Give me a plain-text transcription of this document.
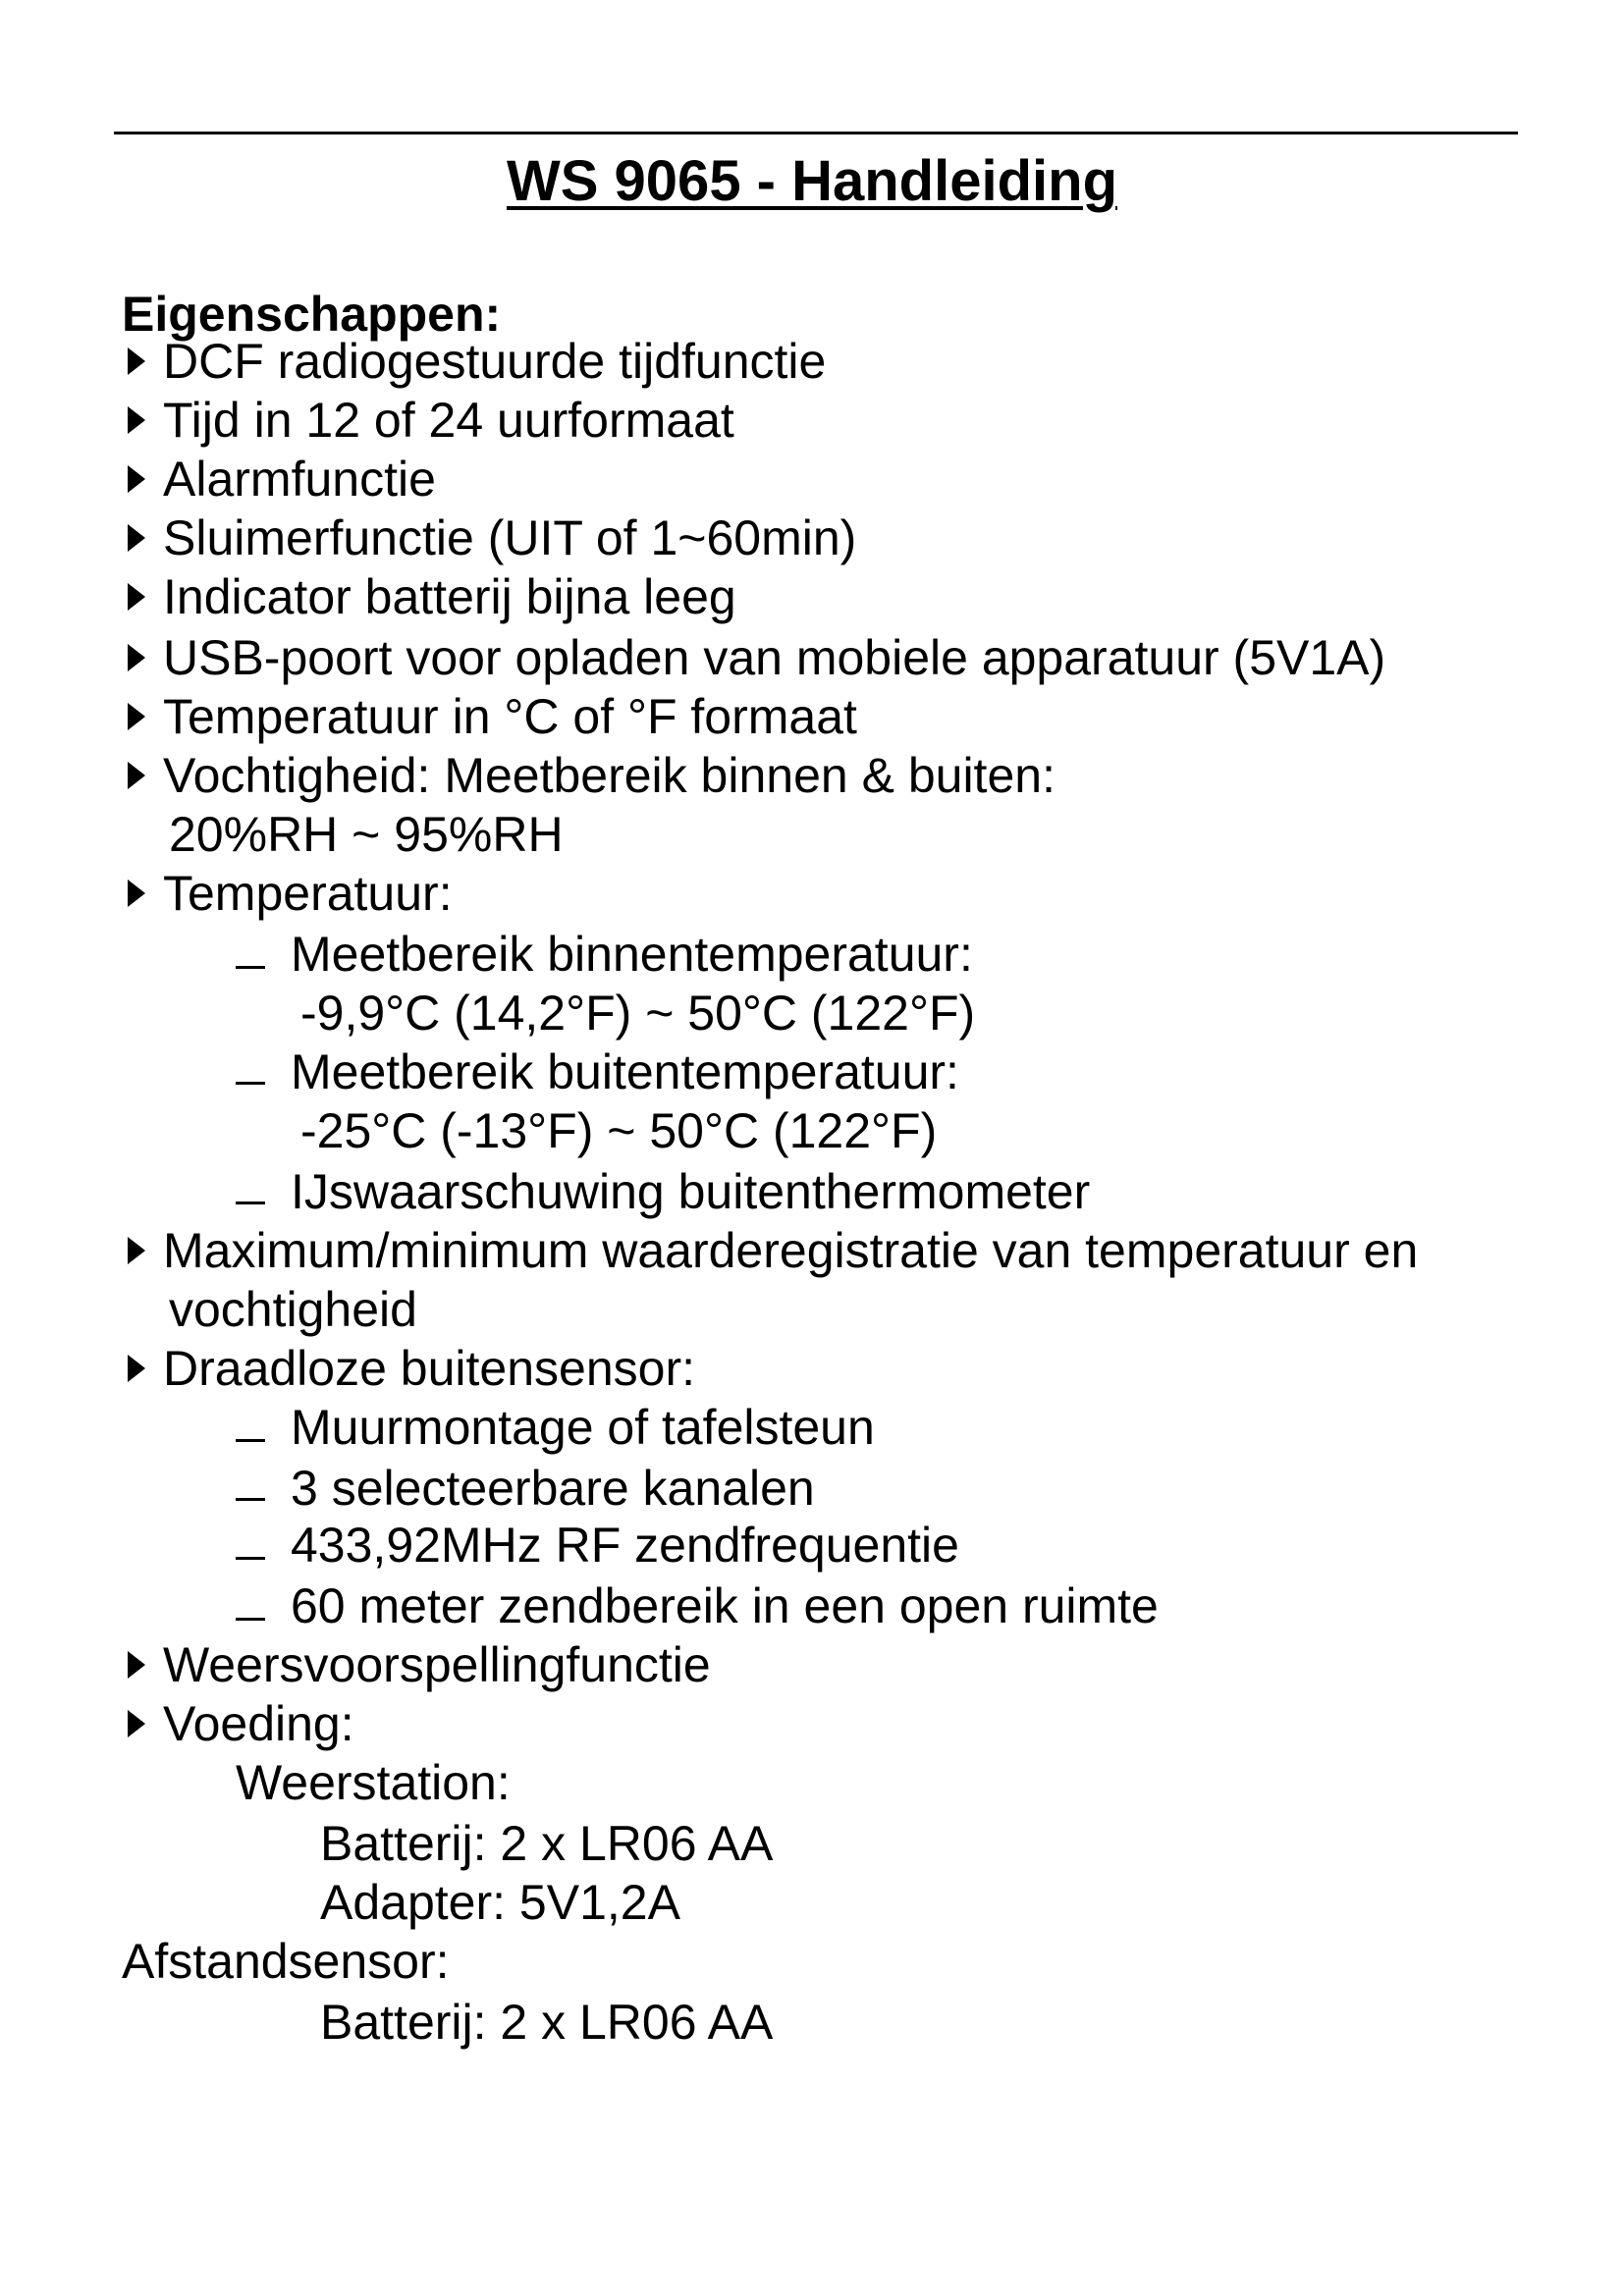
WS 9065 - Handleiding
Eigenschappen:
DCF radiogestuurde tijdfunctie
Tijd in 12 of 24 uurformaat
Alarmfunctie
Sluimerfunctie (UIT of 1~60min)
Indicator batterij bijna leeg
USB-poort voor opladen van mobiele apparatuur (5V1A)
Temperatuur in °C of °F formaat
Vochtigheid: Meetbereik binnen & buiten:
20%RH ~ 95%RH
Temperatuur:
Meetbereik binnentemperatuur:
-9,9°C (14,2°F) ~ 50°C (122°F)
Meetbereik buitentemperatuur:
-25°C (-13°F) ~ 50°C (122°F)
IJswaarschuwing buitenthermometer
Maximum/minimum waarderegistratie van temperatuur en
vochtigheid
Draadloze buitensensor:
Muurmontage of tafelsteun
3 selecteerbare kanalen
433,92MHz RF zendfrequentie
60 meter zendbereik in een open ruimte
Weersvoorspellingfunctie
Voeding:
Weerstation:
Batterij: 2 x LR06 AA
Adapter: 5V1,2A
Afstandsensor:
Batterij: 2 x LR06 AA
